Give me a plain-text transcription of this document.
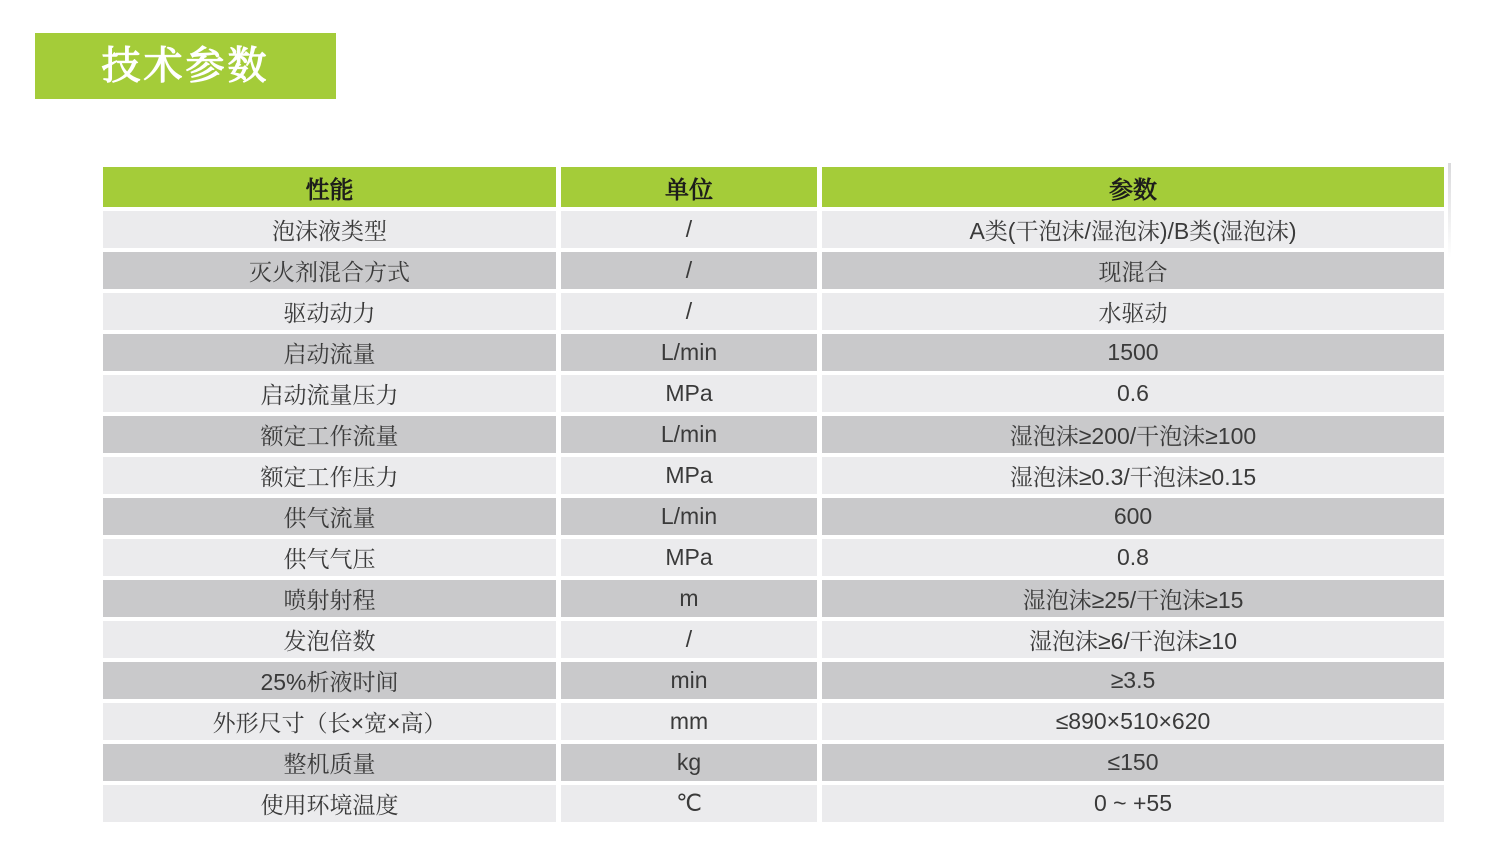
技术参数
性能	单位	参数
泡沫液类型	/	A类(干泡沫/湿泡沫)/B类(湿泡沫)
灭火剂混合方式	/	现混合
驱动动力	/	水驱动
启动流量	L/min	1500
启动流量压力	MPa	0.6
额定工作流量	L/min	湿泡沫≥200/干泡沫≥100
额定工作压力	MPa	湿泡沫≥0.3/干泡沫≥0.15
供气流量	L/min	600
供气气压	MPa	0.8
喷射射程	m	湿泡沫≥25/干泡沫≥15
发泡倍数	/	湿泡沫≥6/干泡沫≥10
25%析液时间	min	≥3.5
外形尺寸（长×宽×高）	mm	≤890×510×620
整机质量	kg	≤150
使用环境温度	℃	0 ~ +55
